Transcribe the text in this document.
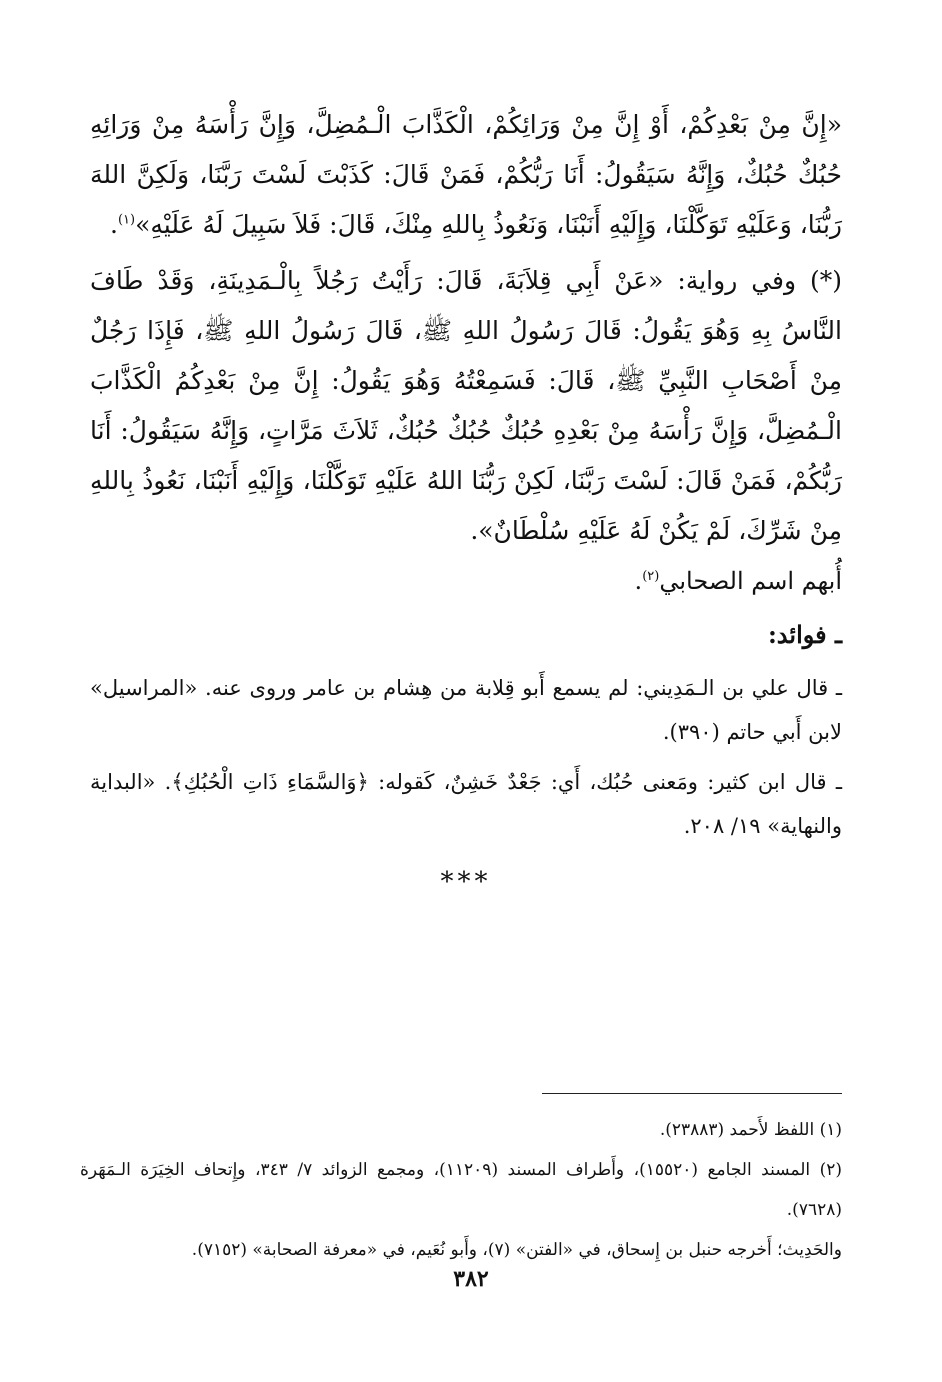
«إِنَّ مِنْ بَعْدِكُمْ، أَوْ إِنَّ مِنْ وَرَائِكُمْ، الْكَذَّابَ الْـمُضِلَّ، وَإِنَّ رَأْسَهُ مِنْ وَرَائِهِ حُبُكٌ حُبُكٌ، وَإِنَّهُ سَيَقُولُ: أَنَا رَبُّكُمْ، فَمَنْ قَالَ: كَذَبْتَ لَسْتَ رَبَّنَا، وَلَكِنَّ اللهَ رَبُّنَا، وَعَلَيْهِ تَوَكَّلْنَا، وَإِلَيْهِ أَنَبْنَا، وَنَعُوذُ بِاللهِ مِنْكَ، قَالَ: فَلاَ سَبِيلَ لَهُ عَلَيْهِ»$^{(١)}$.

(*) وفي رواية: «عَنْ أَبِي قِلاَبَةَ، قَالَ: رَأَيْتُ رَجُلاً بِالْـمَدِينَةِ، وَقَدْ طَافَ النَّاسُ بِهِ وَهُوَ يَقُولُ: قَالَ رَسُولُ اللهِ ﷺ، قَالَ رَسُولُ اللهِ ﷺ، فَإِذَا رَجُلٌ مِنْ أَصْحَابِ النَّبِيِّ ﷺ، قَالَ: فَسَمِعْتُهُ وَهُوَ يَقُولُ: إِنَّ مِنْ بَعْدِكُمُ الْكَذَّابَ الْـمُضِلَّ، وَإِنَّ رَأْسَهُ مِنْ بَعْدِهِ حُبُكٌ حُبُكٌ حُبُكٌ، ثَلاَثَ مَرَّاتٍ، وَإِنَّهُ سَيَقُولُ: أَنَا رَبُّكُمْ، فَمَنْ قَالَ: لَسْتَ رَبَّنَا، لَكِنْ رَبُّنَا اللهُ عَلَيْهِ تَوَكَّلْنَا، وَإِلَيْهِ أَنَبْنَا، نَعُوذُ بِاللهِ مِنْ شَرِّكَ، لَمْ يَكُنْ لَهُ عَلَيْهِ سُلْطَانٌ».

أُبهم اسم الصحابي$^{(٢)}$.

ـ فوائد:

ـ قال علي بن الـمَدِيني: لم يسمع أَبو قِلابة من هِشام بن عامر وروى عنه. «المراسيل» لابن أَبي حاتم (٣٩٠).

ـ قال ابن كثير: ومَعنى حُبُك، أَي: جَعْدٌ خَشِنٌ، كَقوله: ﴿وَالسَّمَاءِ ذَاتِ الْحُبُكِ﴾. «البداية والنهاية» ١٩/ ٢٠٨.

***

(١) اللفظ لأَحمد (٢٣٨٨٣).

(٢) المسند الجامع (١٥٥٢٠)، وأَطراف المسند (١١٢٠٩)، ومجمع الزوائد ٧/ ٣٤٣، وإِتحاف الخِيَرَة الـمَهَرة (٧٦٢٨).

والحَدِيث؛ أَخرجه حنبل بن إِسحاق، في «الفتن» (٧)، وأَبو نُعَيم، في «معرفة الصحابة» (٧١٥٢).

٣٨٢
